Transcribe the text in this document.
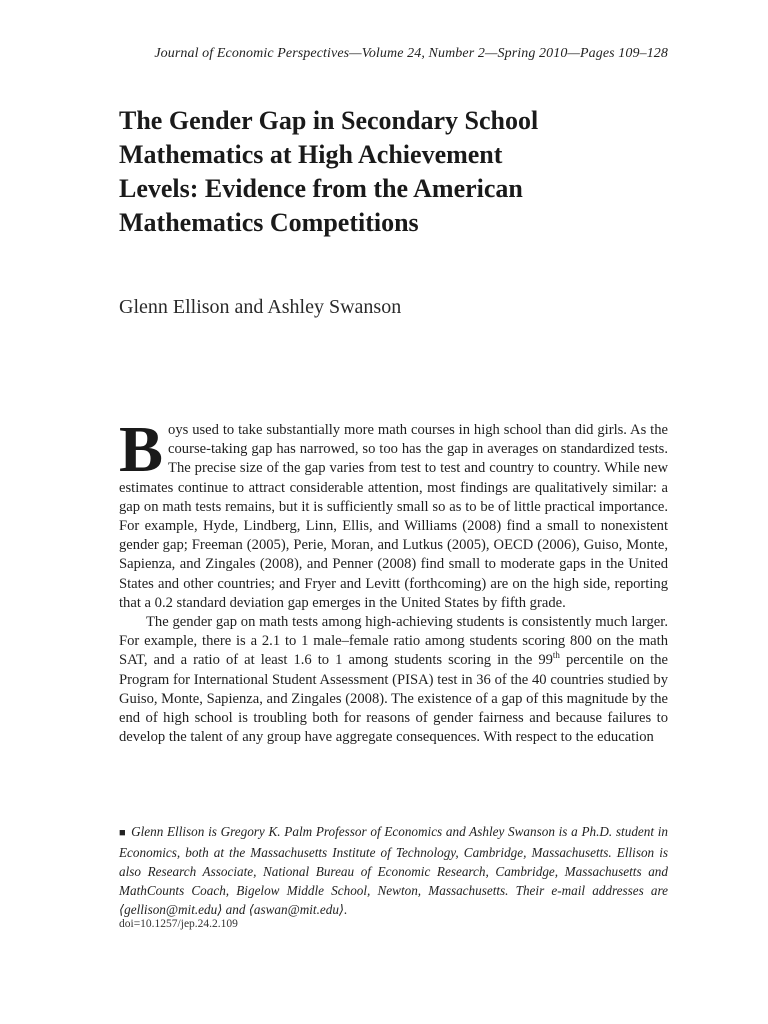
Journal of Economic Perspectives—Volume 24, Number 2—Spring 2010—Pages 109–128
The Gender Gap in Secondary School
Mathematics at High Achievement
Levels: Evidence from the American
Mathematics Competitions
Glenn Ellison and Ashley Swanson

Boys used to take substantially more math courses in high school than did girls. As the course-taking gap has narrowed, so too has the gap in averages on standardized tests. The precise size of the gap varies from test to test and country to country. While new estimates continue to attract considerable attention, most findings are qualitatively similar: a gap on math tests remains, but it is sufficiently small so as to be of little practical importance. For example, Hyde, Lindberg, Linn, Ellis, and Williams (2008) find a small to nonexistent gender gap; Freeman (2005), Perie, Moran, and Lutkus (2005), OECD (2006), Guiso, Monte, Sapienza, and Zingales (2008), and Penner (2008) find small to moderate gaps in the United States and other countries; and Fryer and Levitt (forthcoming) are on the high side, reporting that a 0.2 standard deviation gap emerges in the United States by fifth grade.

The gender gap on math tests among high-achieving students is consistently much larger. For example, there is a 2.1 to 1 male–female ratio among students scoring 800 on the math SAT, and a ratio of at least 1.6 to 1 among students scoring in the 99th percentile on the Program for International Student Assessment (PISA) test in 36 of the 40 countries studied by Guiso, Monte, Sapienza, and Zingales (2008). The existence of a gap of this magnitude by the end of high school is troubling both for reasons of gender fairness and because failures to develop the talent of any group have aggregate consequences. With respect to the education

■ Glenn Ellison is Gregory K. Palm Professor of Economics and Ashley Swanson is a Ph.D. student in Economics, both at the Massachusetts Institute of Technology, Cambridge, Massachusetts. Ellison is also Research Associate, National Bureau of Economic Research, Cambridge, Massachusetts and MathCounts Coach, Bigelow Middle School, Newton, Massachusetts. Their e-mail addresses are ⟨gellison@mit.edu⟩ and ⟨aswan@mit.edu⟩.
doi=10.1257/jep.24.2.109
